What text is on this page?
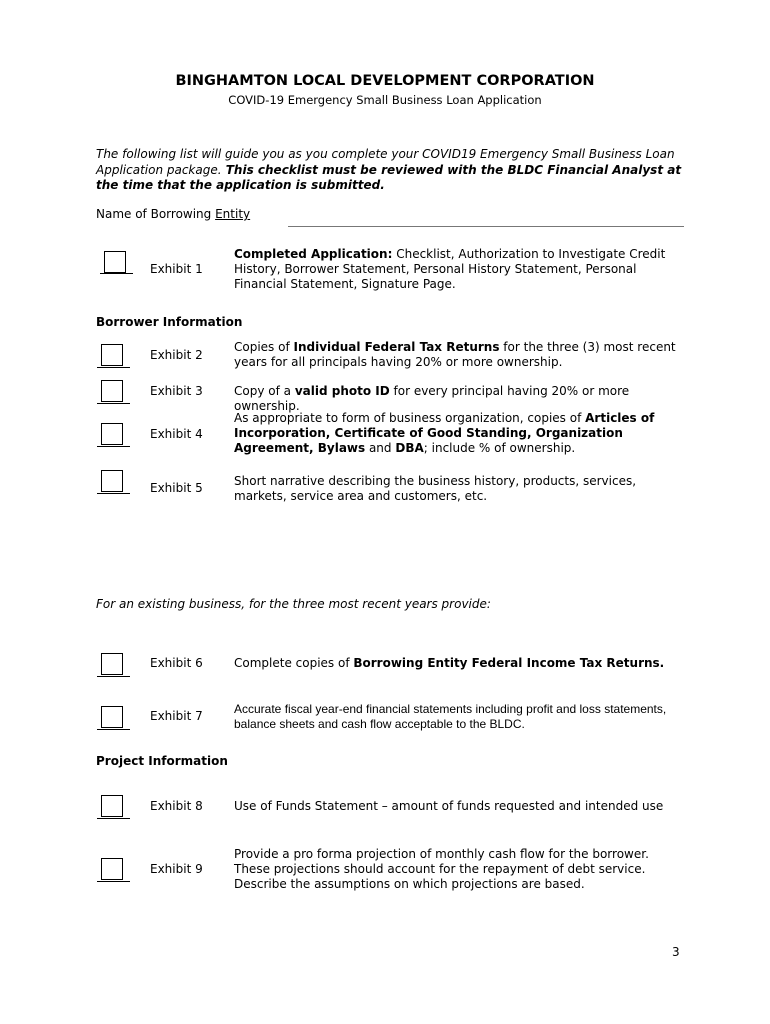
BINGHAMTON LOCAL DEVELOPMENT CORPORATION
COVID-19 Emergency Small Business Loan Application
The following list will guide you as you complete your COVID19 Emergency Small Business Loan Application package. This checklist must be reviewed with the BLDC Financial Analyst at the time that the application is submitted.
Name of Borrowing Entity
Exhibit 1
Completed Application: Checklist, Authorization to Investigate Credit History, Borrower Statement, Personal History Statement, Personal Financial Statement, Signature Page.
Borrower Information
Exhibit 2
Copies of Individual Federal Tax Returns for the three (3) most recent years for all principals having 20% or more ownership.
Exhibit 3	Copy of a valid photo ID for every principal having 20% or more ownership.
Exhibit 4
As appropriate to form of business organization, copies of Articles of Incorporation, Certificate of Good Standing, Organization Agreement, Bylaws and DBA; include % of ownership.
Exhibit 5	Short narrative describing the business history, products, services, markets, service area and customers, etc.
For an existing business, for the three most recent years provide:
Exhibit 6	Complete copies of Borrowing Entity Federal Income Tax Returns.
Exhibit 7	Accurate fiscal year-end financial statements including profit and loss statements, balance sheets and cash flow acceptable to the BLDC.
Project Information
Exhibit 8	Use of Funds Statement – amount of funds requested and intended use
Exhibit 9
Provide a pro forma projection of monthly cash flow for the borrower. These projections should account for the repayment of debt service. Describe the assumptions on which projections are based.
3
